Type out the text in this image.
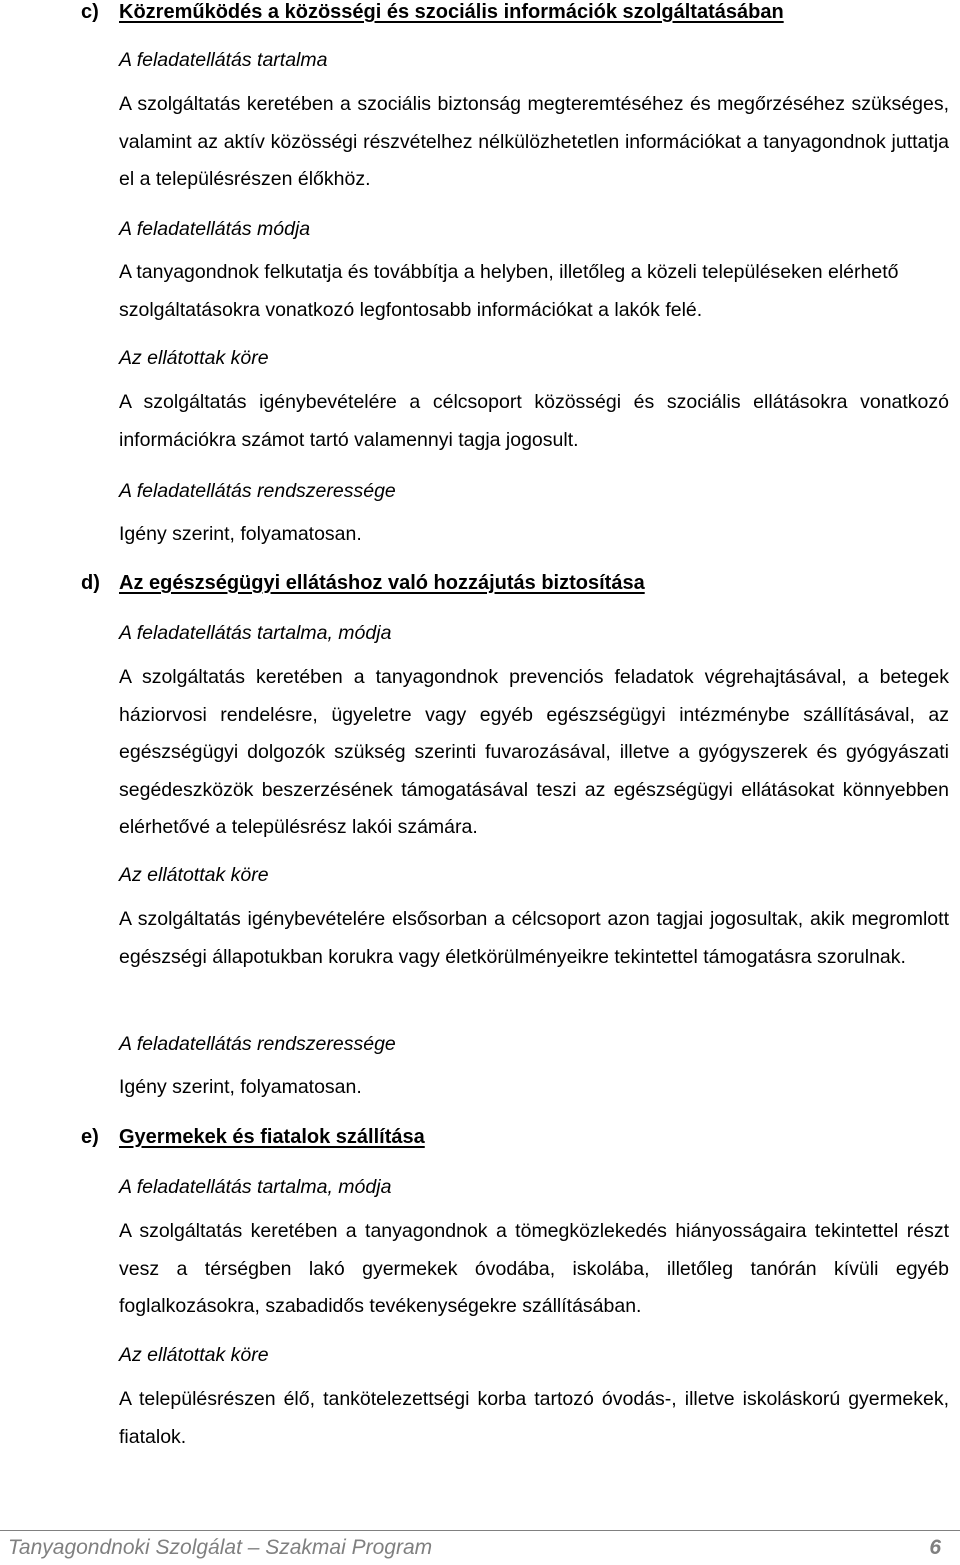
c) Közreműködés a közösségi és szociális információk szolgáltatásában
A feladatellátás tartalma
A szolgáltatás keretében a szociális biztonság megteremtéséhez és megőrzéséhez szükséges, valamint az aktív közösségi részvételhez nélkülözhetetlen információkat a tanyagondnok juttatja el a településrészen élőkhöz.
A feladatellátás módja
A tanyagondnok felkutatja és továbbítja a helyben, illetőleg a közeli településeken elérhető szolgáltatásokra vonatkozó legfontosabb információkat a lakók felé.
Az ellátottak köre
A szolgáltatás igénybevételére a célcsoport közösségi és szociális ellátásokra vonatkozó információkra számot tartó valamennyi tagja jogosult.
A feladatellátás rendszeressége
Igény szerint, folyamatosan.
d) Az egészségügyi ellátáshoz való hozzájutás biztosítása
A feladatellátás tartalma, módja
A szolgáltatás keretében a tanyagondnok prevenciós feladatok végrehajtásával, a betegek háziorvosi rendelésre, ügyeletre vagy egyéb egészségügyi intézménybe szállításával, az egészségügyi dolgozók szükség szerinti fuvarozásával, illetve a gyógyszerek és gyógyászati segédeszközök beszerzésének támogatásával teszi az egészségügyi ellátásokat könnyebben elérhetővé a településrész lakói számára.
Az ellátottak köre
A szolgáltatás igénybevételére elsősorban a célcsoport azon tagjai jogosultak, akik megromlott egészségi állapotukban korukra vagy életkörülményeikre tekintettel támogatásra szorulnak.
A feladatellátás rendszeressége
Igény szerint, folyamatosan.
e) Gyermekek és fiatalok szállítása
A feladatellátás tartalma, módja
A szolgáltatás keretében a tanyagondnok a tömegközlekedés hiányosságaira tekintettel részt vesz a térségben lakó gyermekek óvodába, iskolába, illetőleg tanórán kívüli egyéb foglalkozásokra, szabadidős tevékenységekre szállításában.
Az ellátottak köre
A településrészen élő, tankötelezettségi korba tartozó óvodás-, illetve iskoláskorú gyermekek, fiatalok.
Tanyagondnoki Szolgálat – Szakmai Program	6
